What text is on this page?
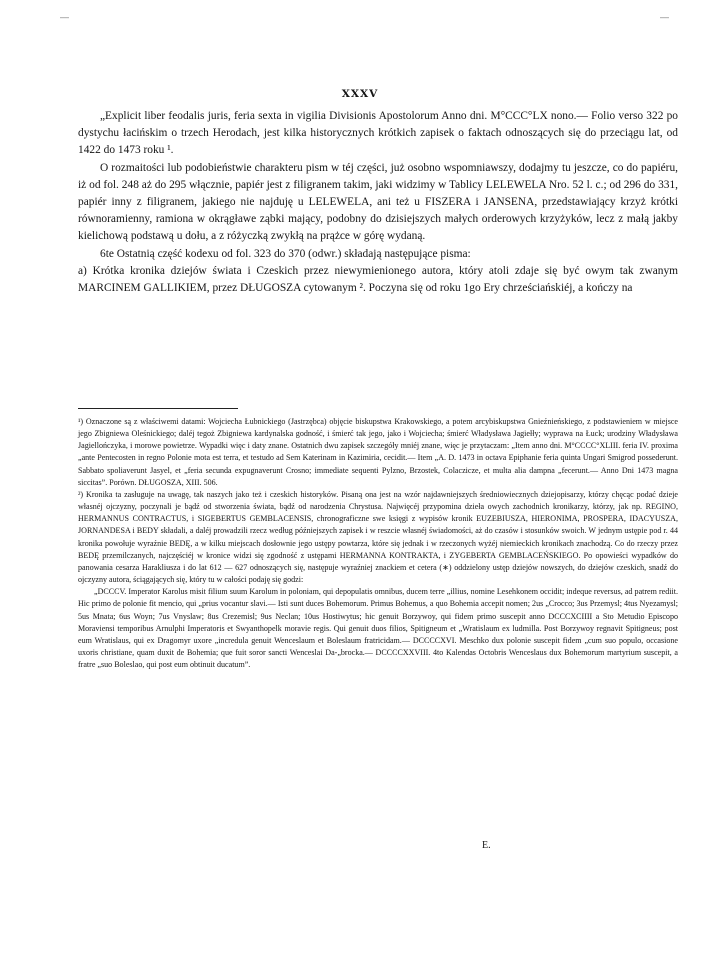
—	—
XXXV

„Explicit liber feodalis juris, feria sexta in vigilia Divisionis Apostolorum Anno dni. M°CCC°LX nono.— Folio verso 322 po dystychu łacińskim o trzech Herodach, jest kilka historycznych krótkich zapisek o faktach odnoszących się do przeciągu lat, od 1422 do 1473 roku ¹.

O rozmaitości lub podobieństwie charakteru pism w téj części, już osobno wspomniawszy, dodajmy tu jeszcze, co do papiéru, iż od fol. 248 aż do 295 włącznie, papiér jest z filigranem takim, jaki widzimy w Tablicy LELEWELA Nro. 52 l. c.; od 296 do 331, papiér inny z filigranem, jakiego nie najduję u LELEWELA, ani też u FISZERA i JANSENA, przedstawiający krzyż krótki równoramienny, ramiona w okrągławe ząbki mający, podobny do dzisiejszych małych orderowych krzyżyków, lecz z małą jakby kielichową podstawą u dołu, a z różyczką zwykłą na prążce w górę wydaną.

6te Ostatnią część kodexu od fol. 323 do 370 (odwr.) składają następujące pisma:

a) Krótka kronika dziejów świata i Czeskich przez niewymienionego autora, który atoli zdaje się być owym tak zwanym MARCINEM GALLIKIEM, przez DŁUGOSZA cytowanym ². Poczyna się od roku 1go Ery chrześciańskiéj, a kończy na

¹) Oznaczone są z właściwemi datami: Wojciecha Łubnickiego (Jastrzębca) objęcie biskupstwa Krakowskiego, a potem arcybiskupstwa Gnieźnieńskiego, z podstawieniem w miejsce jego Zbigniewa Oleśnickiego; daléj tegoż Zbigniewa kardynalska godność, i śmierć tak jego, jako i Wojciecha; śmierć Władysława Jagiełły; wyprawa na Łuck; urodziny Władysława Jagiellończyka, i morowe powietrze. Wypadki więc i daty znane. Ostatnich dwu zapisek szczegóły mniéj znane, więc je przytaczam: „Item anno dni. M°CCCC°XLIII. feria IV. proxima „ante Pentecosten in regno Polonie mota est terra, et testudo ad Sem Katerinam in Kazimiria, cecidit.— Item „A. D. 1473 in octava Epiphanie feria quinta Ungari Smigrod possederunt. Sabbato spoliaverunt Jasyel, et „feria secunda expugnaverunt Crosno; immediate sequenti Pylzno, Brzostek, Colaczicze, et multa alia dampna „fecerunt.— Anno Dni 1473 magna siccitas”. Porówn. DŁUGOSZA, XIII. 506.

²) Kronika ta zasługuje na uwagę, tak naszych jako też i czeskich historyków. Pisaną ona jest na wzór najdawniejszych średniowiecznych dziejopisarzy, którzy chęcąc podać dzieje własnéj ojczyzny, poczynali je bądź od stworzenia świata, bądź od narodzenia Chrystusa. Najwięcéj przypomina dzieła owych zachodnich kronikarzy, którzy, jak np. REGINO, HERMANNUS CONTRACTUS, i SIGEBERTUS GEMBLACENSIS, chronograficzne swe księgi z wypisów kronik EUZEBIUSZA, HIERONIMA, PROSPERA, IDACYUSZA, JORNANDESA i BEDY składali, a daléj prowadzili rzecz według późniejszych zapisek i w reszcie własnéj świadomości, aż do czasów i stosunków swoich. W jednym ustępie pod r. 44 kronika powołuje wyraźnie BEDĘ, a w kilku miejscach dosłownie jego ustępy powtarza, które się jednak i w rzeczonych wyżéj niemieckich kronikach znachodzą. Co do rzeczy przez BEDĘ przemilczanych, najczęściéj w kronice widzi się zgodność z ustępami HERMANNA KONTRAKTA, i ZYGEBERTA GEMBLACEŃSKIEGO. Po opowieści wypadków do panowania cesarza Harakliusza i do lat 612 — 627 odnoszących się, następuje wyraźniej znackiem et cetera (∗) oddzielony ustęp dziejów nowszych, do dziejów czeskich, snadź do ojczyzny autora, ściągających się, który tu w całości podaję się godzi:

„DCCCV. Imperator Karolus misit filium suum Karolum in poloniam, qui depopulatis omnibus, ducem terre „illius, nomine Lesehkonem occidit; indeque reversus, ad patrem rediit. Hic primo de polonie fit mencio, qui „prius vocantur slavi.— Isti sunt duces Bohemorum. Primus Bohemus, a quo Bohemia accepit nomen; 2us „Crocco; 3us Przemysl; 4tus Nyezamysl; 5us Mnata; 6us Woyn; 7us Vnyslaw; 8us Crezemisl; 9us Neclan; 10us Hostiwytus; hic genuit Borzywoy, qui fidem primo suscepit anno DCCCXCIIII a Sto Metudio Episcopo Moraviensi temporibus Arnulphi Imperatoris et Swyanthopelk moravie regis. Qui genuit duos filios, Spitigneum et „Wratislaum ex ludmilla. Post Borzywoy regnavit Spitigneus; post eum Wratislaus, qui ex Dragomyr uxore „incredula genuit Wenceslaum et Boleslaum fratricidam.— DCCCCXVI. Meschko dux polonie suscepit fidem „cum suo populo, occasione uxoris christiane, quam duxit de Bohemia; que fuit soror sancti Wenceslai Da-„brocka.— DCCCCXXVIII. 4to Kalendas Octobris Wenceslaus dux Bohemorum martyrium suscepit, a fratre „suo Boleslao, qui post eum obtinuit ducatum”.

E.
